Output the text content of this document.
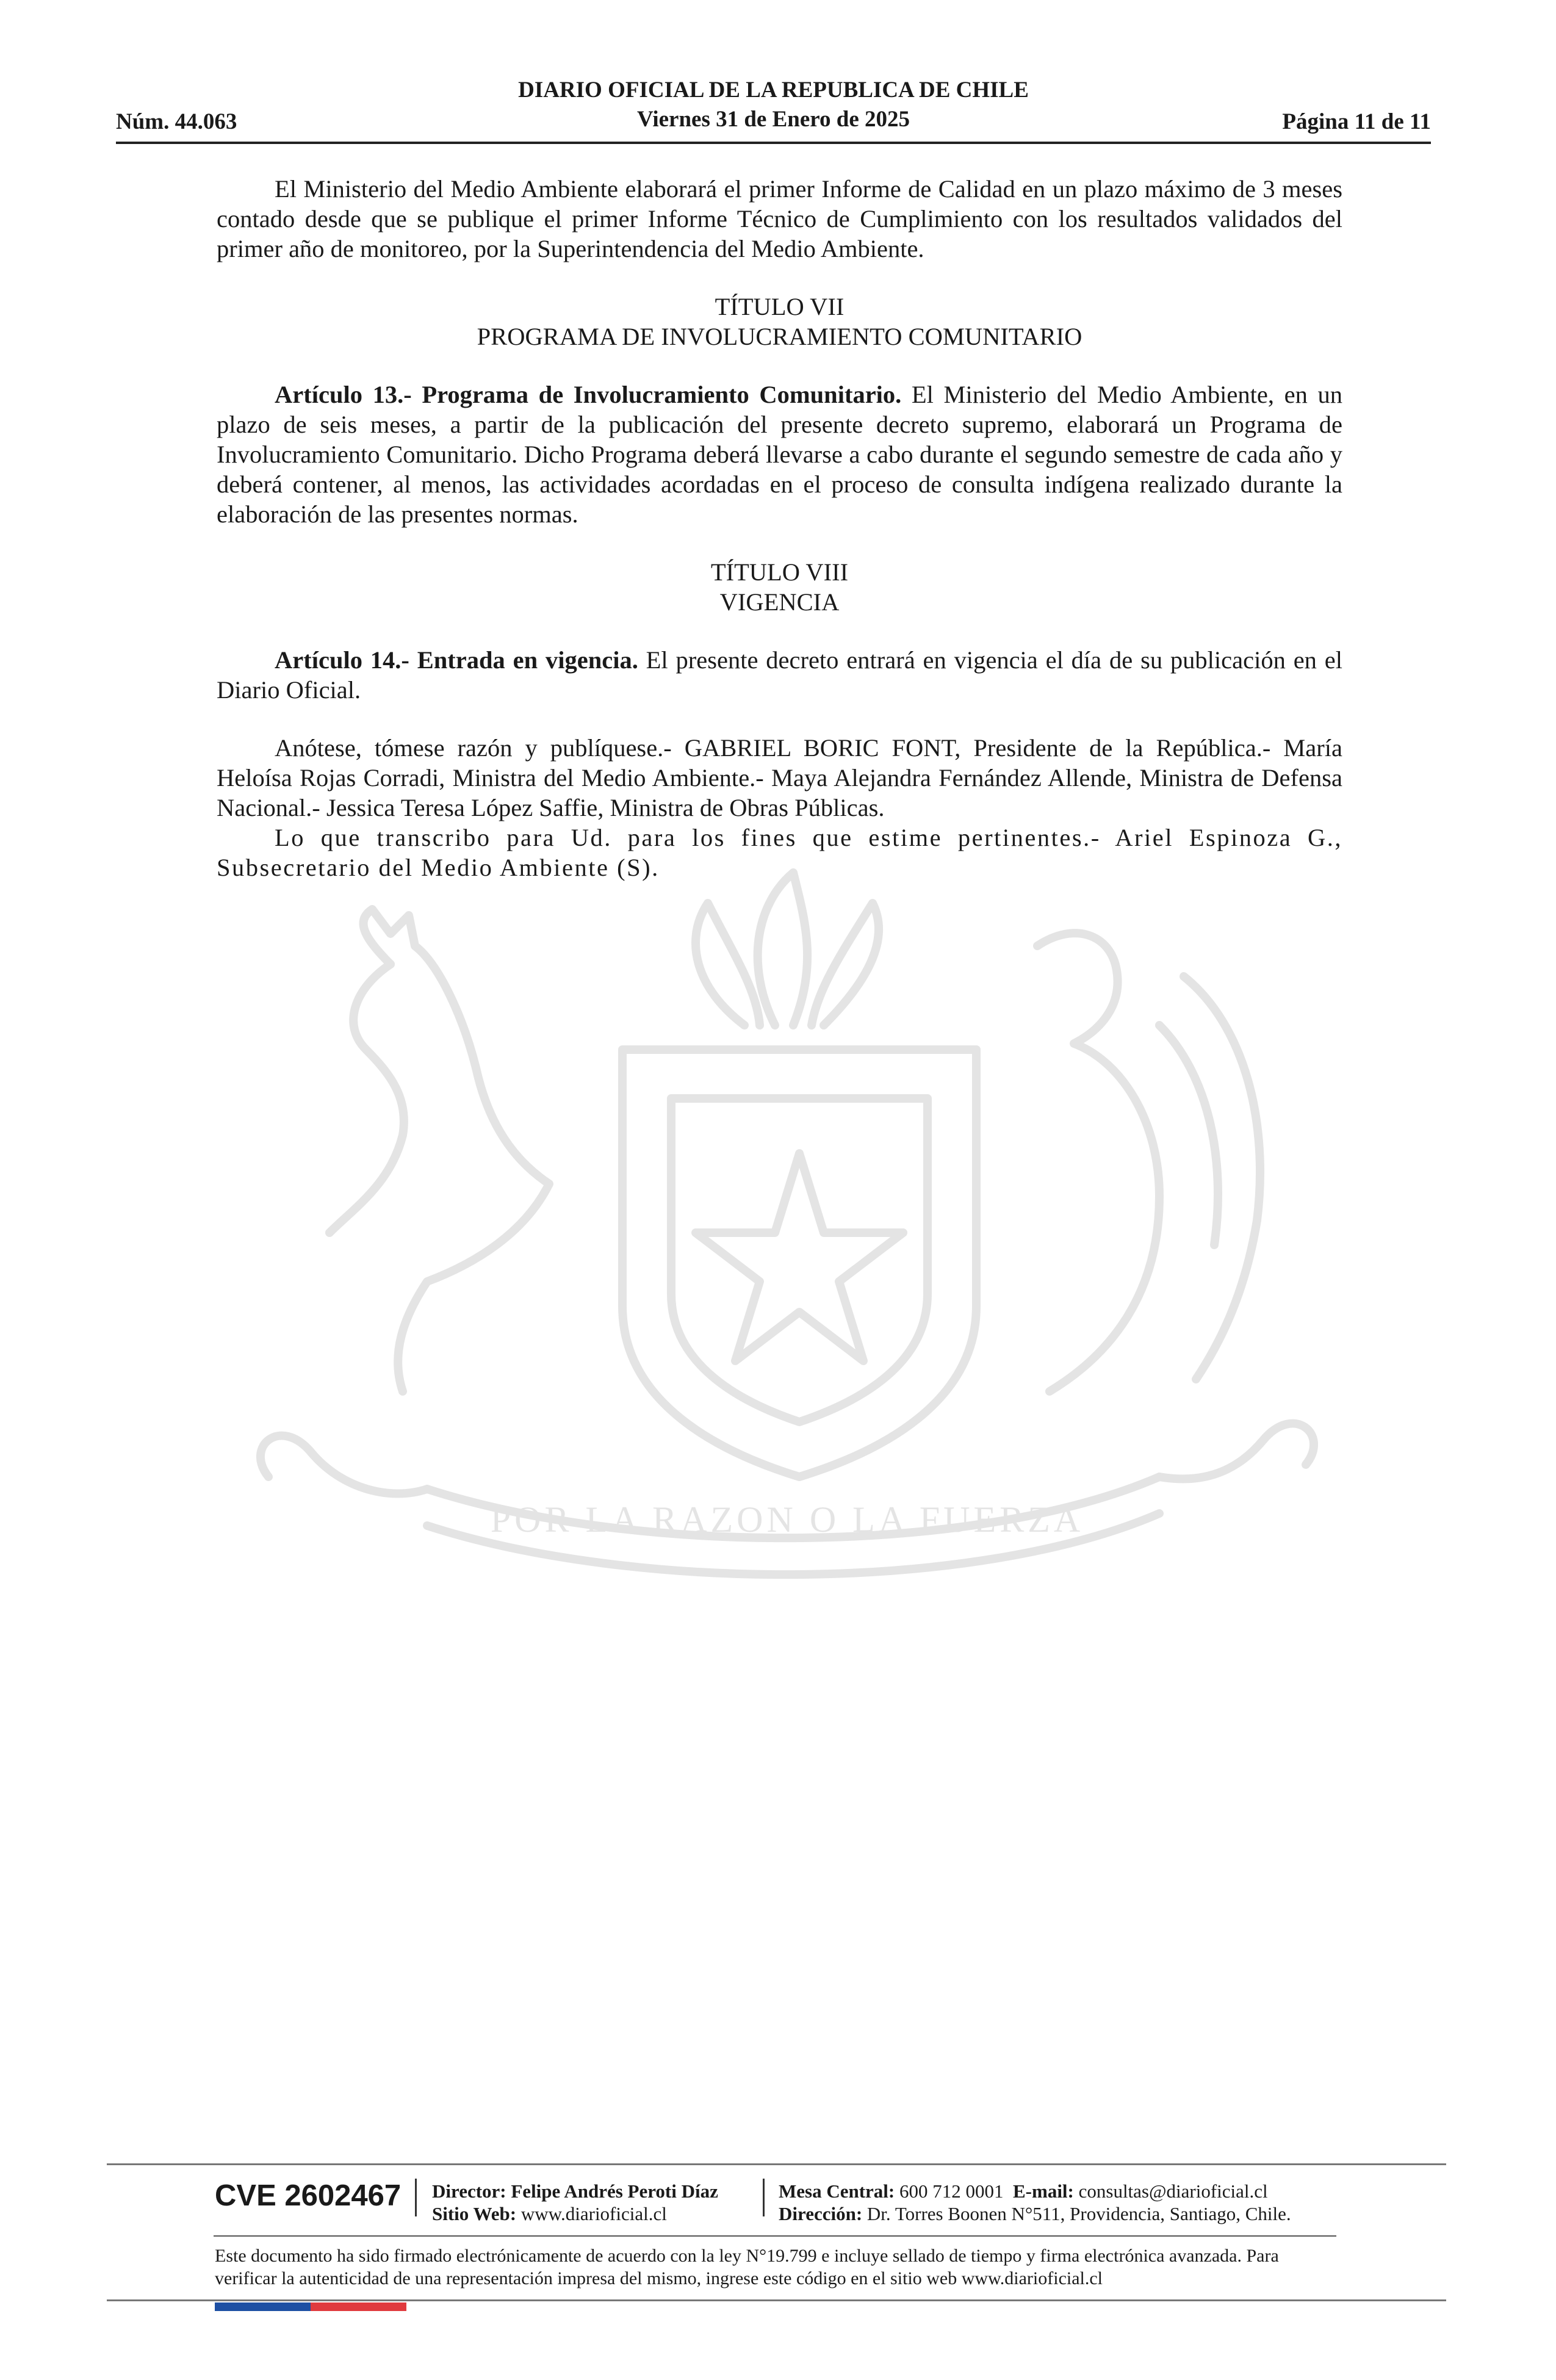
Núm. 44.063
DIARIO OFICIAL DE LA REPUBLICA DE CHILE
Viernes 31 de Enero de 2025	Página 11 de 11
POR LA RAZON O LA FUERZA

El Ministerio del Medio Ambiente elaborará el primer Informe de Calidad en un plazo máximo de 3 meses contado desde que se publique el primer Informe Técnico de Cumplimiento con los resultados validados del primer año de monitoreo, por la Superintendencia del Medio Ambiente.

TÍTULO VII
PROGRAMA DE INVOLUCRAMIENTO COMUNITARIO

Artículo 13.- Programa de Involucramiento Comunitario. El Ministerio del Medio Ambiente, en un plazo de seis meses, a partir de la publicación del presente decreto supremo, elaborará un Programa de Involucramiento Comunitario. Dicho Programa deberá llevarse a cabo durante el segundo semestre de cada año y deberá contener, al menos, las actividades acordadas en el proceso de consulta indígena realizado durante la elaboración de las presentes normas.

TÍTULO VIII
VIGENCIA

Artículo 14.- Entrada en vigencia. El presente decreto entrará en vigencia el día de su publicación en el Diario Oficial.

Anótese, tómese razón y publíquese.- GABRIEL BORIC FONT, Presidente de la República.- María Heloísa Rojas Corradi, Ministra del Medio Ambiente.- Maya Alejandra Fernández Allende, Ministra de Defensa Nacional.- Jessica Teresa López Saffie, Ministra de Obras Públicas.

Lo que transcribo para Ud. para los fines que estime pertinentes.- Ariel Espinoza G., Subsecretario del Medio Ambiente (S).

CVE 2602467 Director: Felipe Andrés Peroti Díaz
Sitio Web: www.diarioficial.cl
Mesa Central: 600 712 0001 E-mail: consultas@diarioficial.cl
Dirección: Dr. Torres Boonen N°511, Providencia, Santiago, Chile.
Este documento ha sido firmado electrónicamente de acuerdo con la ley N°19.799 e incluye sellado de tiempo y firma electrónica avanzada. Para verificar la autenticidad de una representación impresa del mismo, ingrese este código en el sitio web www.diarioficial.cl
